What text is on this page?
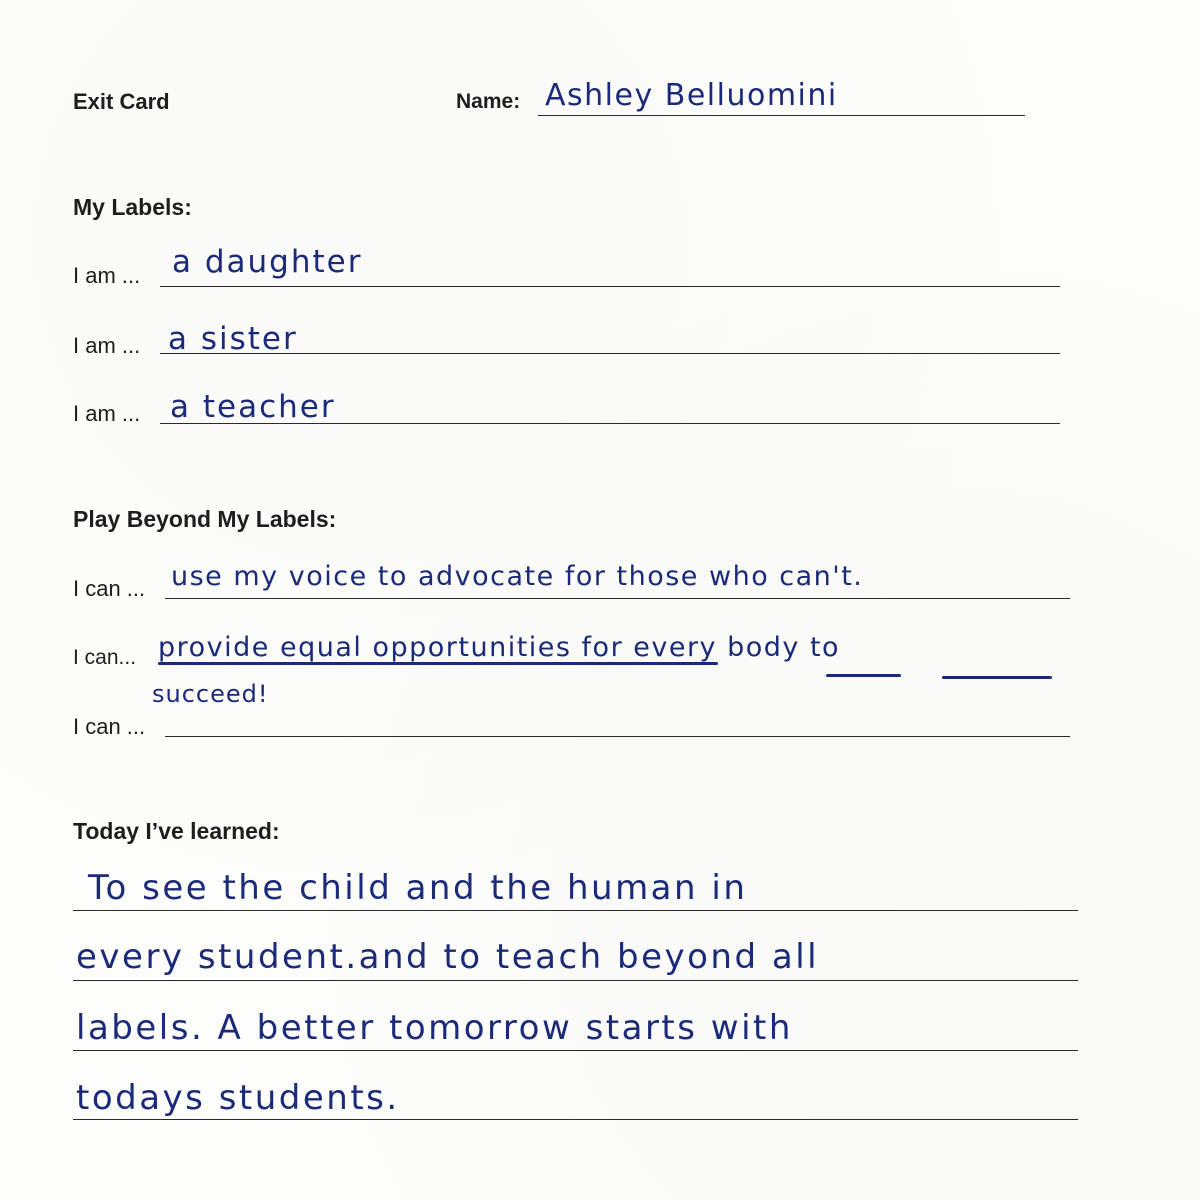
Exit Card	Name: Ashley Belluomini
My Labels:
I am ... a daughter
I am ... a sister
I am ... a teacher
Play Beyond My Labels:
I can ... use my voice to advocate for those who can't.
I can... provide equal opportunities for every body to
succeed!
I can ...
Today I’ve learned:
To see the child and the human in
every student.and to teach beyond all
labels. A better tomorrow starts with
todays students.
